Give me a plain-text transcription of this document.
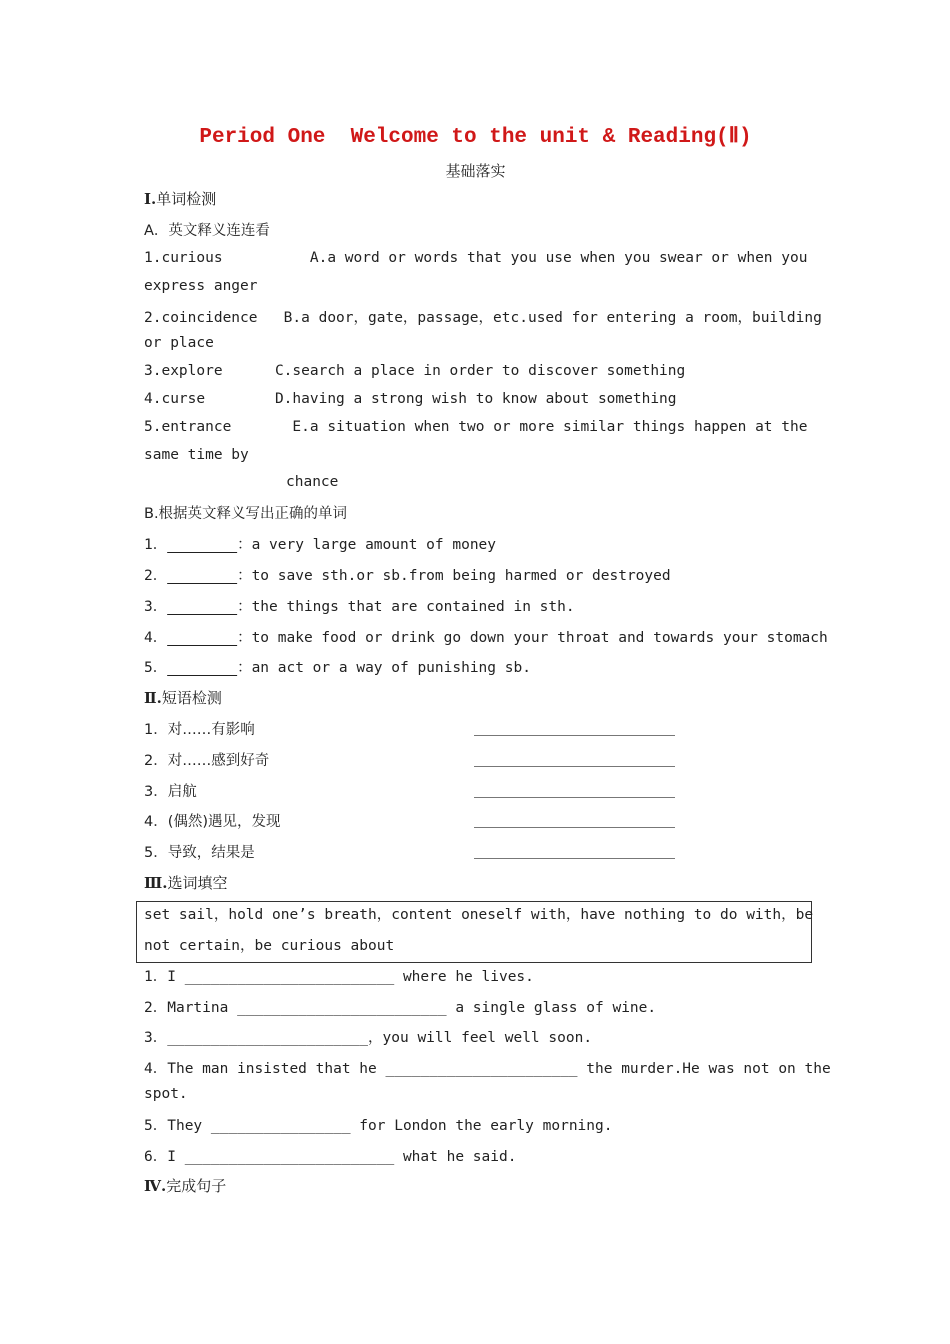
Period One  Welcome to the unit & Reading(Ⅱ)
基础落实
Ⅰ.单词检测
A．英文释义连连看
1.curious          A.a word or words that you use when you swear or when you
express anger
2.coincidence   B.a door，gate，passage，etc.used for entering a room，building
or place
3.explore      C.search a place in order to discover something
4.curse        D.having a strong wish to know about something
5.entrance       E.a situation when two or more similar things happen at the
same time by
chance
B.根据英文释义写出正确的单词
1．________：a very large amount of money
2．________：to save sth.or sb.from being harmed or destroyed
3．________：the things that are contained in sth.
4．________：to make food or drink go down your throat and towards your stomach
5．________：an act or a way of punishing sb.
Ⅱ.短语检测
1．对……有影响
2．对……感到好奇
3．启航
4．(偶然)遇见，发现
5．导致，结果是
Ⅲ.选词填空
set sail，hold one’s breath，content oneself with，have nothing to do with，be
not certain，be curious about
1．I ________________________ where he lives.
2．Martina ________________________ a single glass of wine.
3．_______________________，you will feel well soon.
4．The man insisted that he ______________________ the murder.He was not on the
spot.
5．They ________________ for London the early morning.
6．I ________________________ what he said.
Ⅳ.完成句子
